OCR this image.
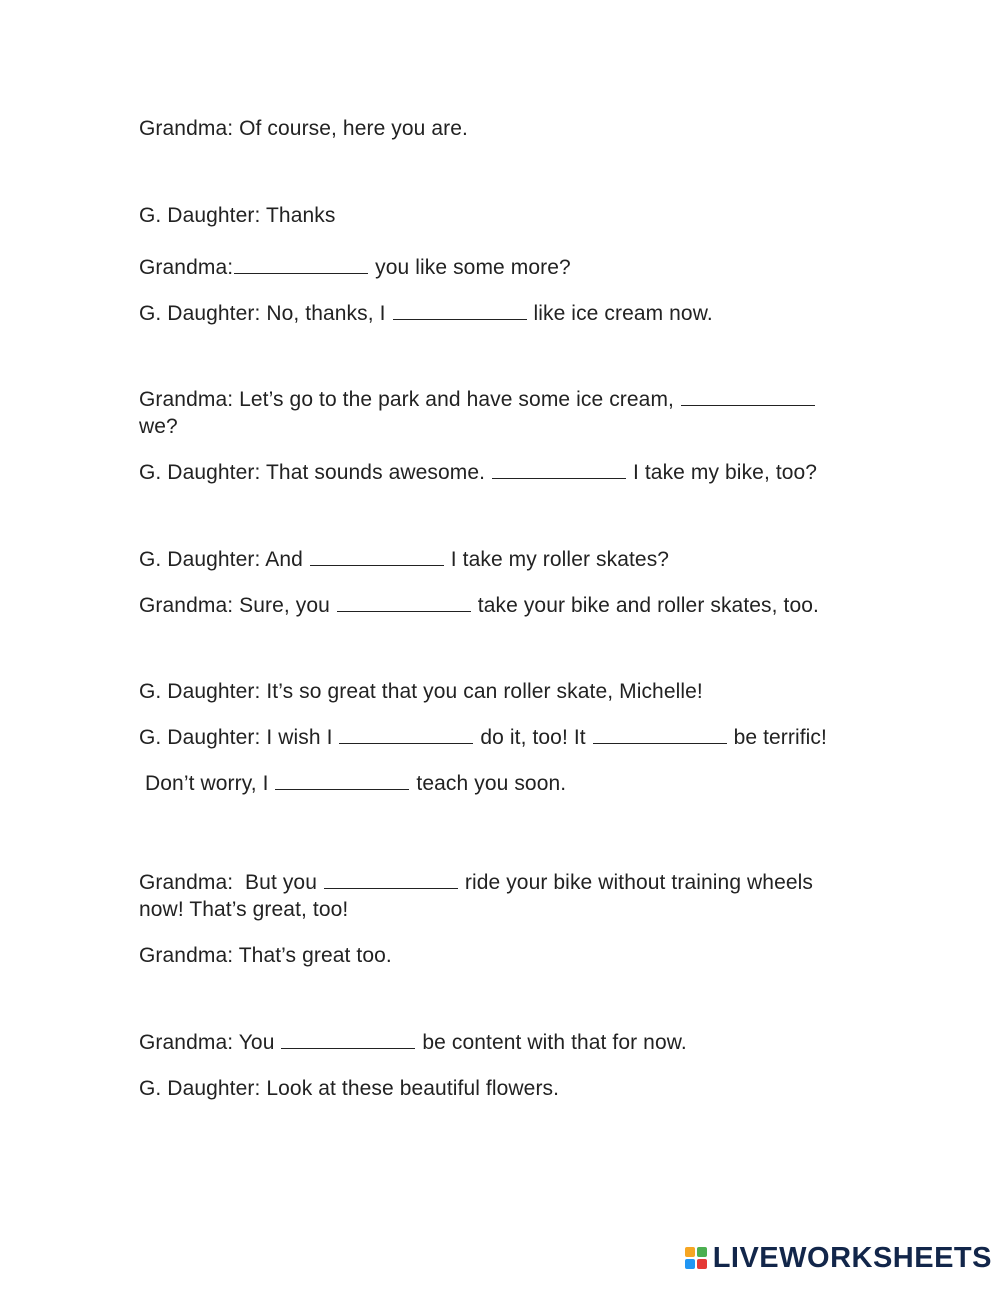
Grandma: Of course, here you are.
G. Daughter: Thanks
Grandma:	you like some more?
G. Daughter: No, thanks, I	like ice cream now.
Grandma: Let’s go to the park and have some ice cream,  we?
G. Daughter: That sounds awesome.	I take my bike, too?
G. Daughter: And	I take my roller skates?
Grandma: Sure, you	take your bike and roller skates, too.
G. Daughter: It’s so great that you can roller skate, Michelle!
G. Daughter: I wish I	do it, too! It	be terrific!
Don’t worry, I	teach you soon.
Grandma:  But you	ride your bike without training wheels now! That’s great, too!
Grandma: That’s great too.
Grandma: You	be content with that for now.
G. Daughter: Look at these beautiful flowers.
LIVEWORKSHEETS
